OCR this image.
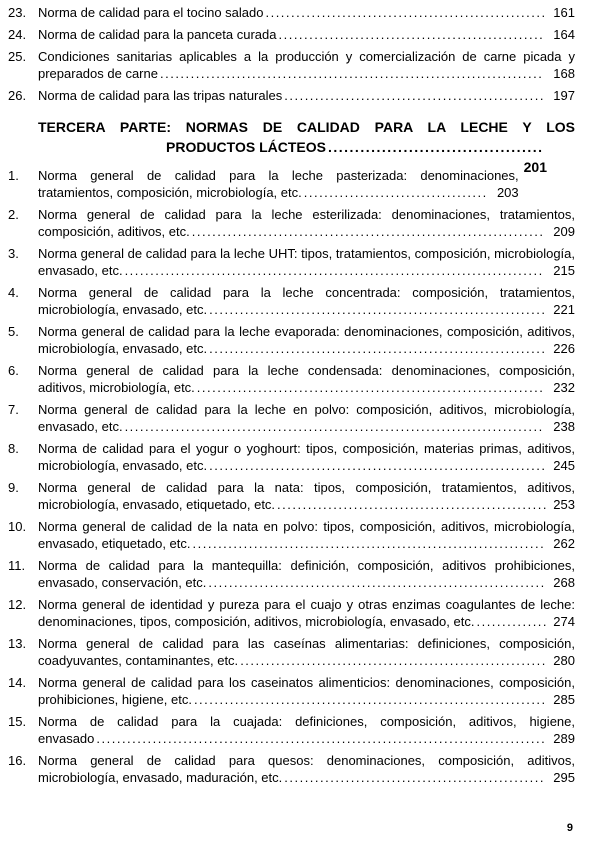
23. Norma de calidad para el tocino salado ....................................................... 161
24. Norma de calidad para la panceta curada .................................................... 164
25. Condiciones sanitarias aplicables a la producción y comercialización de carne picada y preparados de carne ........................................................................... 168
26. Norma de calidad para las tripas naturales ................................................... 197
TERCERA PARTE: NORMAS DE CALIDAD PARA LA LECHE Y LOS
PRODUCTOS LÁCTEOS ........................................
201
1.	Norma general de calidad para la leche pasterizada: denominaciones, tratamientos, composición, microbiología, etc. .................................... 203
2.	Norma general de calidad para la leche esterilizada: denominaciones, tratamientos, composición, aditivos, etc. ..................................................................... 209
3.	Norma general de calidad para la leche UHT: tipos, tratamientos, composición, microbiología, envasado, etc. .................................................................................. 215
4.	Norma general de calidad para la leche concentrada: composición, tratamientos, microbiología, envasado, etc. .................................................................. 221
5.	Norma general de calidad para la leche evaporada: denominaciones, composición, aditivos, microbiología, envasado, etc. .................................................................. 226
6.	Norma general de calidad para la leche condensada: denominaciones, composición, aditivos, microbiología, etc. .................................................................... 232
7.	Norma general de calidad para la leche en polvo: composición, aditivos, microbiología, envasado, etc. .................................................................................. 238
8.	Norma de calidad para el yogur o yoghourt: tipos, composición, materias primas, aditivos, microbiología, envasado, etc. .................................................................. 245
9.	Norma general de calidad para la nata: tipos, composición, tratamientos, aditivos, microbiología, envasado, etiquetado, etc. ..................................................... 253
10. Norma general de calidad de la nata en polvo: tipos, composición, aditivos, microbiología, envasado, etiquetado, etc. ..................................................................... 262
11. Norma de calidad para la mantequilla: definición, composición, aditivos prohibiciones, envasado, conservación, etc. .................................................................. 268
12. Norma general de identidad y pureza para el cuajo y otras enzimas coagulantes de leche: denominaciones, tipos, composición, aditivos, microbiología, envasado, etc. .............. 274
13. Norma general de calidad para las caseínas alimentarias: definiciones, composición, coadyuvantes, contaminantes, etc. ............................................................ 280
14. Norma general de calidad para los caseinatos alimenticios: denominaciones, composición, prohibiciones, higiene, etc. ..................................................................... 285
15. Norma de calidad para la cuajada: definiciones, composición, aditivos, higiene, envasado ........................................................................................ 289
16. Norma general de calidad para quesos: denominaciones, composición, aditivos, microbiología, envasado, maduración, etc. ................................................... 295
9
